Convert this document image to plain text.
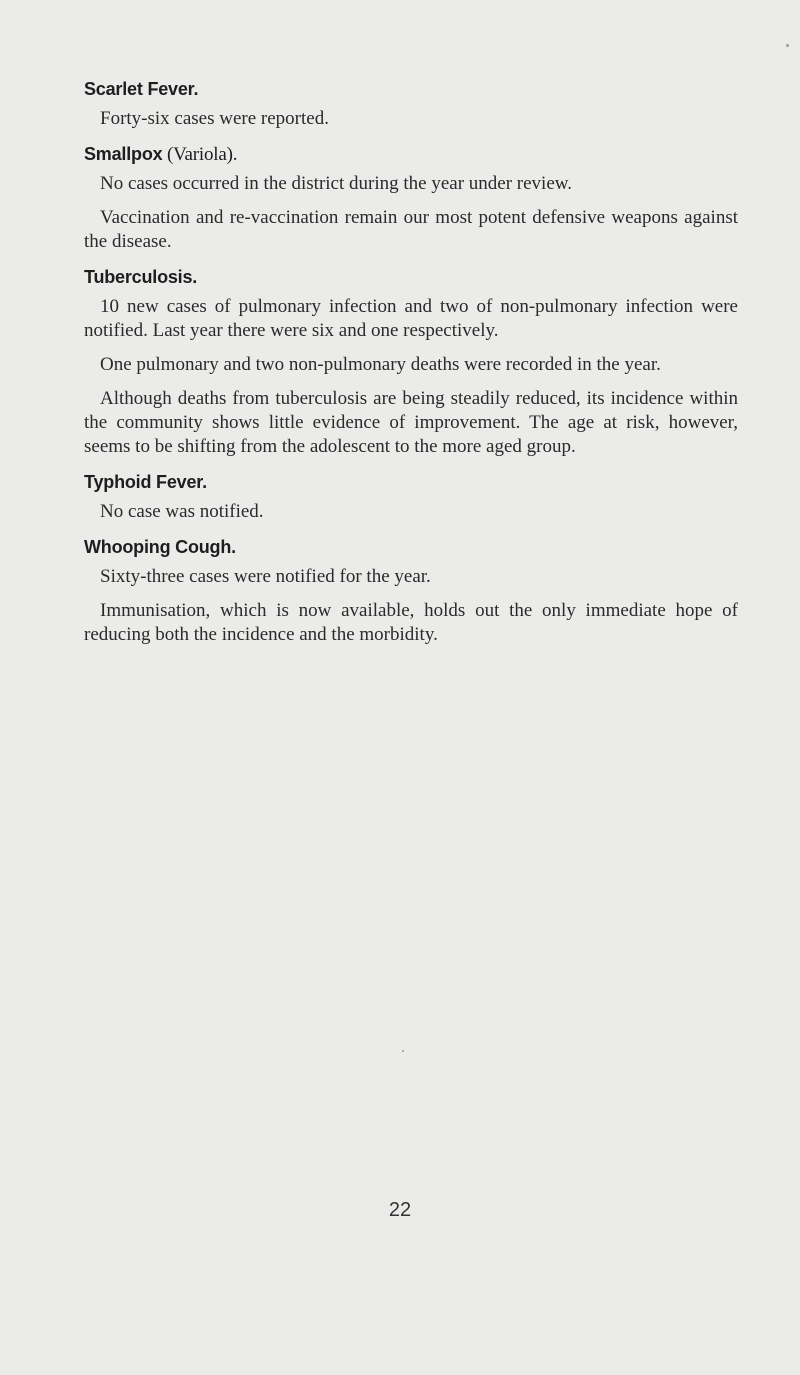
Scarlet Fever.

Forty-six cases were reported.

Smallpox (Variola).

No cases occurred in the district during the year under review.

Vaccination and re-vaccination remain our most potent defensive weapons against the disease.

Tuberculosis.

10 new cases of pulmonary infection and two of non-pulmonary infection were notified. Last year there were six and one respectively.

One pulmonary and two non-pulmonary deaths were recorded in the year.

Although deaths from tuberculosis are being steadily reduced, its incidence within the community shows little evidence of improvement. The age at risk, however, seems to be shifting from the adolescent to the more aged group.

Typhoid Fever.

No case was notified.

Whooping Cough.

Sixty-three cases were notified for the year.

Immunisation, which is now available, holds out the only immediate hope of reducing both the incidence and the morbidity.

22
